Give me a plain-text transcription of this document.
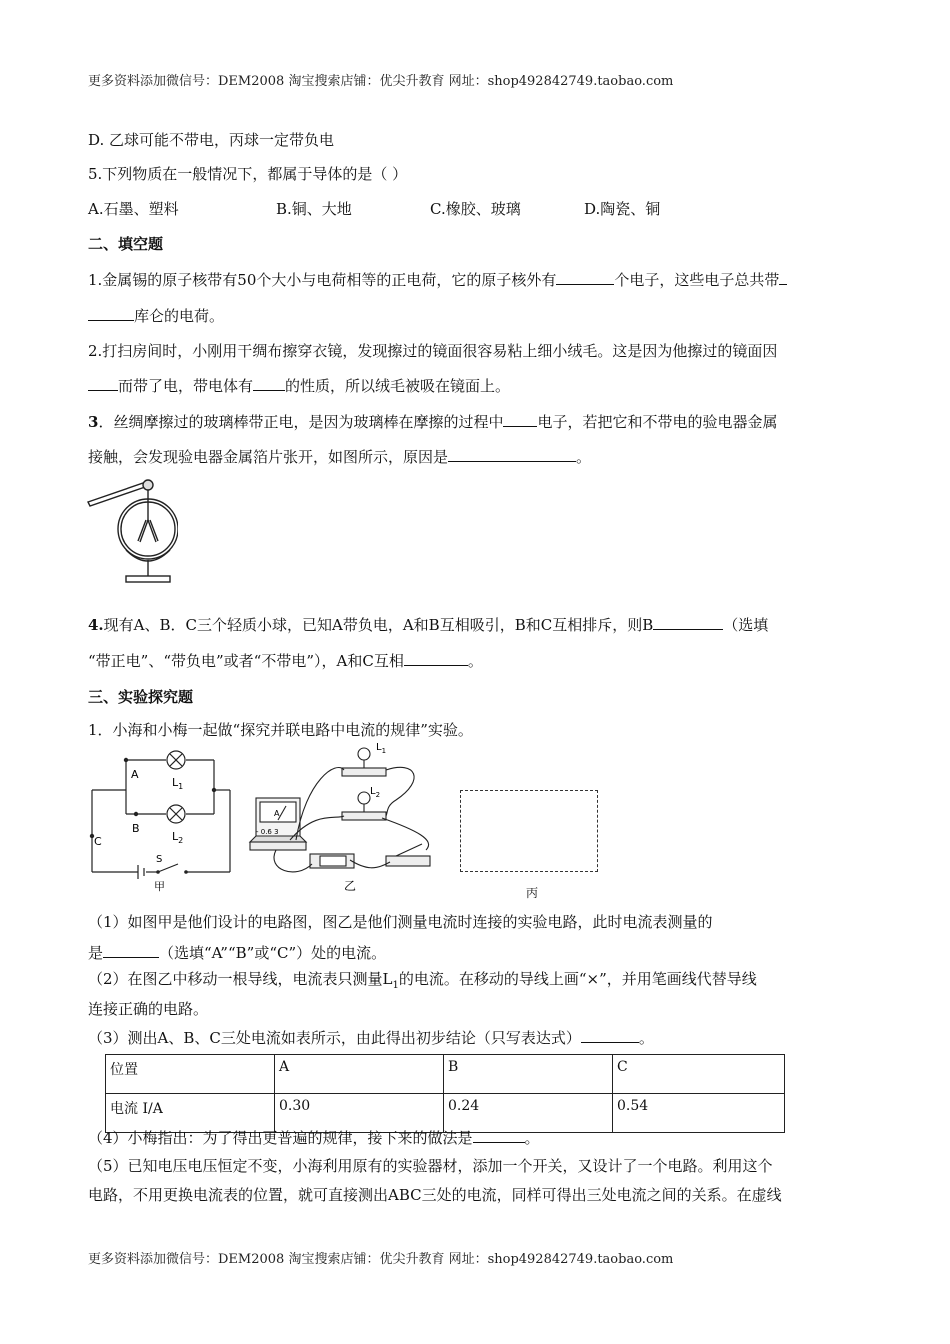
更多资料添加微信号：DEM2008 淘宝搜索店铺：优尖升教育 网址：shop492842749.taobao.com
D. 乙球可能不带电，丙球一定带负电
5.下列物质在一般情况下，都属于导体的是（ ）
A.石墨、塑料	B.铜、大地	C.橡胶、玻璃	D.陶瓷、铜
二、填空题
1.金属锡的原子核带有50个大小与电荷相等的正电荷，它的原子核外有	个电子，这些电子总共带
库仑的电荷。
2.打扫房间时，小刚用干绸布擦穿衣镜，发现擦过的镜面很容易粘上细小绒毛。这是因为他擦过的镜面因
而带了电，带电体有 的性质，所以绒毛被吸在镜面上。
3．丝绸摩擦过的玻璃棒带正电，是因为玻璃棒在摩擦的过程中 电子，若把它和不带电的验电器金属
接触，会发现验电器金属箔片张开，如图所示，原因是	。
4.现有A、B．C三个轻质小球，已知A带负电，A和B互相吸引，B和C互相排斥，则B	（选填
“带正电”、“带负电”或者“不带电”），A和C互相	。
三、实验探究题
1．小海和小梅一起做“探究并联电路中电流的规律”实验。
A
B
C
$L_1$
$L_2$
S
甲
A
- 0.6 3
$L_1$
$L_2$
乙	丙
（1）如图甲是他们设计的电路图，图乙是他们测量电流时连接的实验电路，此时电流表测量的
是	（选填“A”“B”或“C”）处的电流。
（2）在图乙中移动一根导线，电流表只测量$L_1$的电流。在移动的导线上画“×”，并用笔画线代替导线
连接正确的电路。
（3）测出A、B、C三处电流如表所示，由此得出初步结论（只写表达式）	。
位置	A	B	C
电流 I/A	0.30	0.24	0.54
（4）小梅指出：为了得出更普遍的规律，接下来的做法是	。
（5）已知电压电压恒定不变，小海利用原有的实验器材，添加一个开关，又设计了一个电路。利用这个
电路，不用更换电流表的位置，就可直接测出ABC三处的电流，同样可得出三处电流之间的关系。在虚线
更多资料添加微信号：DEM2008 淘宝搜索店铺：优尖升教育 网址：shop492842749.taobao.com
